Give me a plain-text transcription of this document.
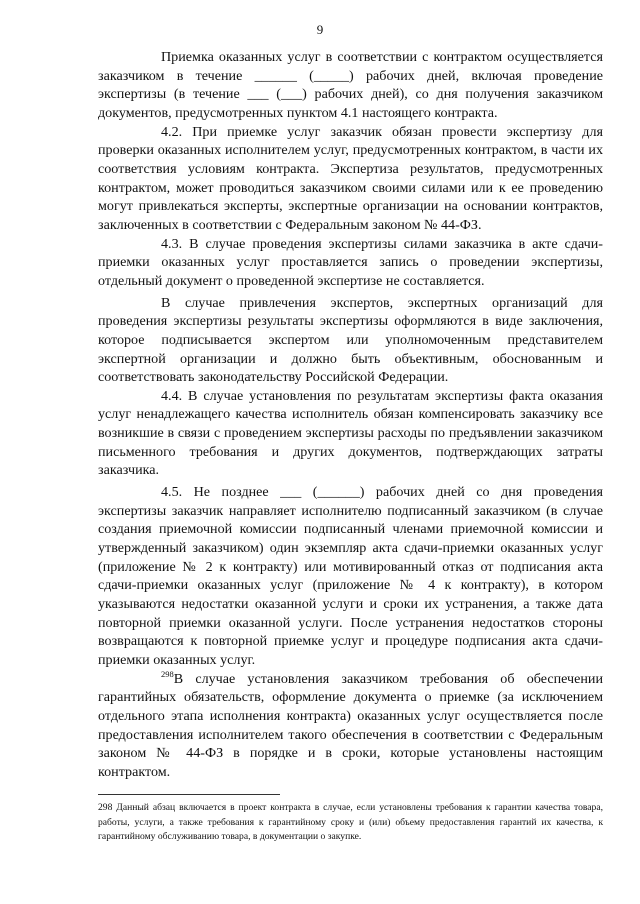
9

Приемка оказанных услуг в соответствии с контрактом осуществляется заказчиком в течение ______ (_____) рабочих дней, включая проведение экспертизы (в течение ___ (___) рабочих дней), со дня получения заказчиком документов, предусмотренных пунктом 4.1 настоящего контракта.

4.2. При приемке услуг заказчик обязан провести экспертизу для проверки оказанных исполнителем услуг, предусмотренных контрактом, в части их соответствия условиям контракта. Экспертиза результатов, предусмотренных контрактом, может проводиться заказчиком своими силами или к ее проведению могут привлекаться эксперты, экспертные организации на основании контрактов, заключенных в соответствии с Федеральным законом № 44-ФЗ.

4.3. В случае проведения экспертизы силами заказчика в акте сдачи-приемки оказанных услуг проставляется запись о проведении экспертизы, отдельный документ о проведенной экспертизе не составляется.

В случае привлечения экспертов, экспертных организаций для проведения экспертизы результаты экспертизы оформляются в виде заключения, которое подписывается экспертом или уполномоченным представителем экспертной организации и должно быть объективным, обоснованным и соответствовать законодательству Российской Федерации.

4.4. В случае установления по результатам экспертизы факта оказания услуг ненадлежащего качества исполнитель обязан компенсировать заказчику все возникшие в связи с проведением экспертизы расходы по предъявлении заказчиком письменного требования и других документов, подтверждающих затраты заказчика.

4.5. Не позднее ___ (______) рабочих дней со дня проведения экспертизы заказчик направляет исполнителю подписанный заказчиком (в случае создания приемочной комиссии подписанный членами приемочной комиссии и утвержденный заказчиком) один экземпляр акта сдачи-приемки оказанных услуг (приложение № 2 к контракту) или мотивированный отказ от подписания акта сдачи-приемки оказанных услуг (приложение № 4 к контракту), в котором указываются недостатки оказанной услуги и сроки их устранения, а также дата повторной приемки оказанной услуги. После устранения недостатков стороны возвращаются к повторной приемке услуг и процедуре подписания акта сдачи-приемки оказанных услуг.

$^{298}$В случае установления заказчиком требования об обеспечении гарантийных обязательств, оформление документа о приемке (за исключением отдельного этапа исполнения контракта) оказанных услуг осуществляется после предоставления исполнителем такого обеспечения в соответствии с Федеральным законом № 44-ФЗ в порядке и в сроки, которые установлены настоящим контрактом.

298 Данный абзац включается в проект контракта в случае, если установлены требования к гарантии качества товара, работы, услуги, а также требования к гарантийному сроку и (или) объему предоставления гарантий их качества, к гарантийному обслуживанию товара, в документации о закупке.
